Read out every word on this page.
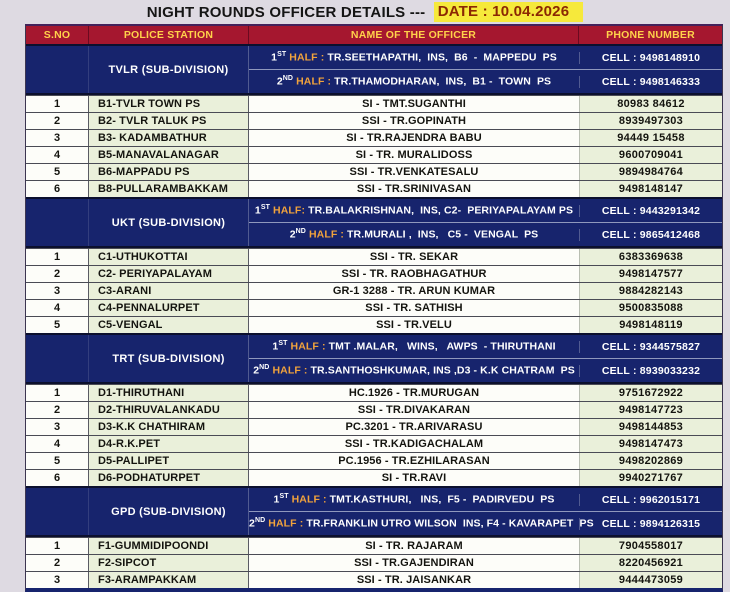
NIGHT ROUNDS OFFICER DETAILS --- DATE : 10.04.2026
S.NO	POLICE STATION	NAME OF THE OFFICER	PHONE NUMBER
TVLR (SUB-DIVISION)
1ST HALF : TR.SEETHAPATHI,  INS,  B6  -  MAPPEDU  PS	CELL : 9498148910
2ND HALF : TR.THAMODHARAN,  INS,  B1 -  TOWN  PS	CELL : 9498146333
1	B1-TVLR TOWN PS	SI - TMT.SUGANTHI	80983 84612
2	B2- TVLR TALUK PS	SSI - TR.GOPINATH	8939497303
3	B3- KADAMBATHUR	SI - TR.RAJENDRA BABU	94449 15458
4	B5-MANAVALANAGAR	SI - TR. MURALIDOSS	9600709041
5	B6-MAPPADU PS	SSI - TR.VENKATESALU	9894984764
6	B8-PULLARAMBAKKAM	SSI - TR.SRINIVASAN	9498148147
UKT (SUB-DIVISION)
1ST HALF: TR.BALAKRISHNAN,  INS, C2-  PERIYAPALAYAM PS	CELL : 9443291342
2ND HALF : TR.MURALI ,  INS,   C5 -  VENGAL  PS	CELL : 9865412468
1	C1-UTHUKOTTAI	SSI - TR. SEKAR	6383369638
2	C2- PERIYAPALAYAM	SSI - TR. RAOBHAGATHUR	9498147577
3	C3-ARANI	GR-1 3288 - TR. ARUN KUMAR	9884282143
4	C4-PENNALURPET	SSI - TR. SATHISH	9500835088
5	C5-VENGAL	SSI - TR.VELU	9498148119
TRT (SUB-DIVISION)
1ST HALF : TMT .MALAR,   WINS,   AWPS  - THIRUTHANI	CELL : 9344575827
2ND HALF : TR.SANTHOSHKUMAR, INS ,D3 - K.K CHATRAM  PS	CELL : 8939033232
1	D1-THIRUTHANI	HC.1926 - TR.MURUGAN	9751672922
2	D2-THIRUVALANKADU	SSI - TR.DIVAKARAN	9498147723
3	D3-K.K CHATHIRAM	PC.3201 - TR.ARIVARASU	9498144853
4	D4-R.K.PET	SSI - TR.KADIGACHALAM	9498147473
5	D5-PALLIPET	PC.1956 - TR.EZHILARASAN	9498202869
6	D6-PODHATURPET	SI - TR.RAVI	9940271767
GPD (SUB-DIVISION)
1ST HALF : TMT.KASTHURI,   INS,  F5 -  PADIRVEDU  PS	CELL : 9962015171
2ND HALF : TR.FRANKLIN UTRO WILSON  INS, F4 - KAVARAPET  PS CELL : 9894126315
1	F1-GUMMIDIPOONDI	SI - TR. RAJARAM	7904558017
2	F2-SIPCOT	SSI - TR.GAJENDIRAN	8220456921
3	F3-ARAMPAKKAM	SSI - TR. JAISANKAR	9444473059
